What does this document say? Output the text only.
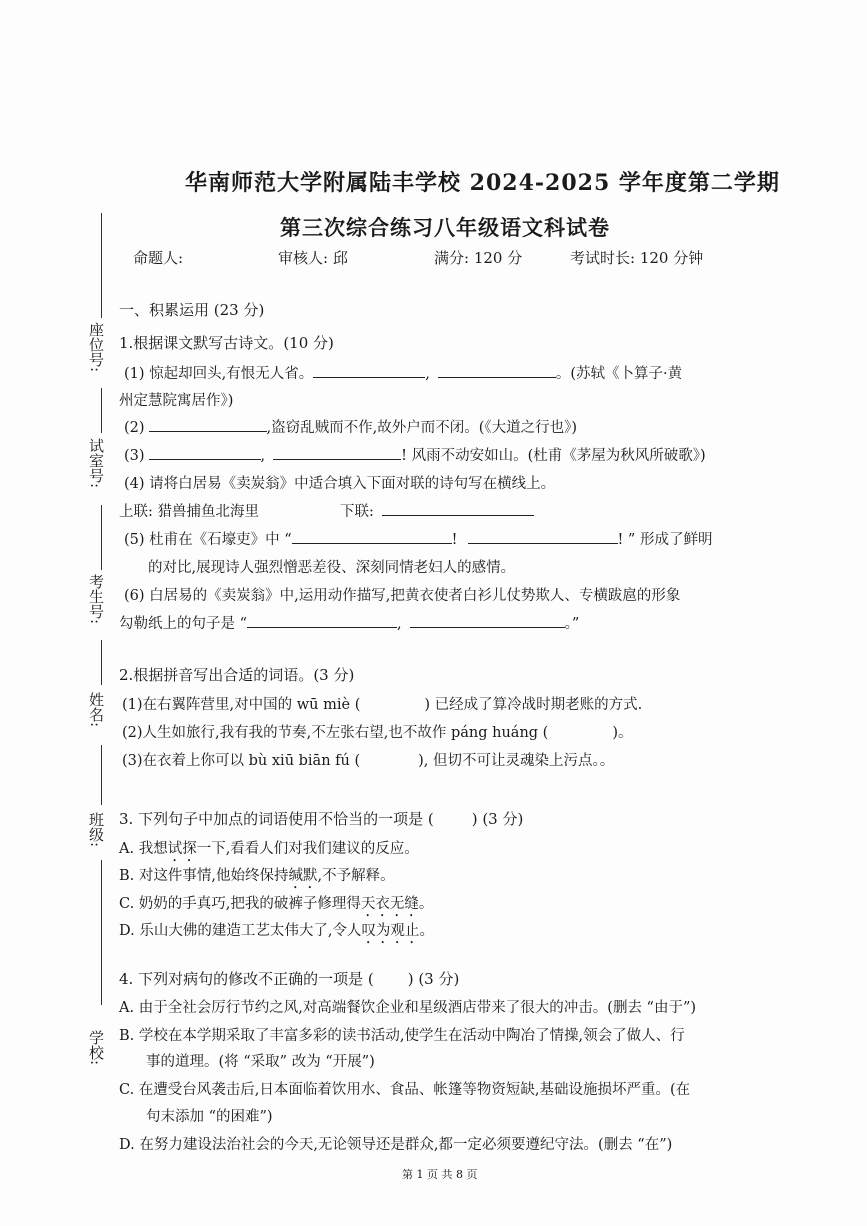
座位号:
试室号:
考生号:
姓名:
班级:
学校:
华南师范大学附属陆丰学校 2024-2025 学年度第二学期
第三次综合练习八年级语文科试卷
命题人:	审核人: 邱	满分: 120 分	考试时长: 120 分钟
一、积累运用 (23 分)
1.根据课文默写古诗文。(10 分)
(1) 惊起却回头,有恨无人省。	,	。(苏轼《卜算子·黄
州定慧院寓居作》)
(2)	,盗窃乱贼而不作,故外户而不闭。(《大道之行也》)
(3)	,	! 风雨不动安如山。(杜甫《茅屋为秋风所破歌》)
(4) 请将白居易《卖炭翁》中适合填入下面对联的诗句写在横线上。
上联: 猎兽捕鱼北海里	下联:
(5) 杜甫在《石壕吏》中 “	!	! ” 形成了鲜明
的对比,展现诗人强烈憎恶差役、深刻同情老妇人的感情。
(6) 白居易的《卖炭翁》中,运用动作描写,把黄衣使者白衫儿仗势欺人、专横跋扈的形象
勾勒纸上的句子是 “	,	。”
2.根据拼音写出合适的词语。(3 分)
(1)在右翼阵营里,对中国的 wū miè (	) 已经成了算冷战时期老账的方式.
(2)人生如旅行,我有我的节奏,不左张右望,也不故作 páng huáng (	)。
(3)在衣着上你可以 bù xiū biān fú (	), 但切不可让灵魂染上污点。。
3. 下列句子中加点的词语使用不恰当的一项是 (	) (3 分)
A. 我想试探一下,看看人们对我们建议的反应。
B. 对这件事情,他始终保持缄默,不予解释。
C. 奶奶的手真巧,把我的破裤子修理得天衣无缝。
D. 乐山大佛的建造工艺太伟大了,令人叹为观止。
4. 下列对病句的修改不正确的一项是 ( ) (3 分)
A. 由于全社会厉行节约之风,对高端餐饮企业和星级酒店带来了很大的冲击。(删去 “由于”)
B. 学校在本学期采取了丰富多彩的读书活动,使学生在活动中陶冶了情操,领会了做人、行
事的道理。(将 “采取” 改为 “开展”)
C. 在遭受台风袭击后,日本面临着饮用水、食品、帐篷等物资短缺,基础设施损坏严重。(在
句末添加 “的困难”)
D. 在努力建设法治社会的今天,无论领导还是群众,都一定必须要遵纪守法。(删去 “在”)
第 1 页 共 8 页
